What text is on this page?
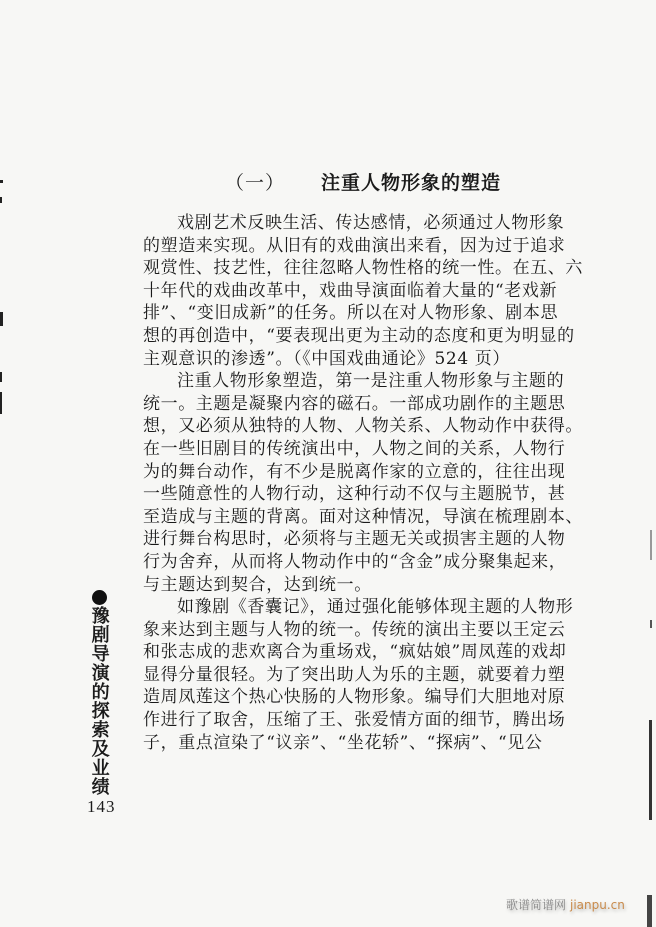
（一） 注重人物形象的塑造
戏剧艺术反映生活、传达感情，必须通过人物形象
的塑造来实现。从旧有的戏曲演出来看，因为过于追求
观赏性、技艺性，往往忽略人物性格的统一性。在五、六
十年代的戏曲改革中，戏曲导演面临着大量的“老戏新
排”、“变旧成新”的任务。所以在对人物形象、剧本思
想的再创造中，“要表现出更为主动的态度和更为明显的
主观意识的渗透”。（《中国戏曲通论》524 页）
注重人物形象塑造，第一是注重人物形象与主题的
统一。主题是凝聚内容的磁石。一部成功剧作的主题思
想，又必须从独特的人物、人物关系、人物动作中获得。
在一些旧剧目的传统演出中，人物之间的关系，人物行
为的舞台动作，有不少是脱离作家的立意的，往往出现
一些随意性的人物行动，这种行动不仅与主题脱节，甚
至造成与主题的背离。面对这种情况，导演在梳理剧本、
进行舞台构思时，必须将与主题无关或损害主题的人物
行为舍弃，从而将人物动作中的“含金”成分聚集起来，
与主题达到契合，达到统一。
如豫剧《香囊记》，通过强化能够体现主题的人物形
象来达到主题与人物的统一。传统的演出主要以王定云
和张志成的悲欢离合为重场戏，“疯姑娘”周凤莲的戏却
显得分量很轻。为了突出助人为乐的主题，就要着力塑
造周凤莲这个热心快肠的人物形象。编导们大胆地对原
作进行了取舍，压缩了王、张爱情方面的细节，腾出场
子，重点渲染了“议亲”、“坐花轿”、“探病”、“见公
豫剧导演的探索及业绩
143
歌谱简谱网 jianpu.cn
